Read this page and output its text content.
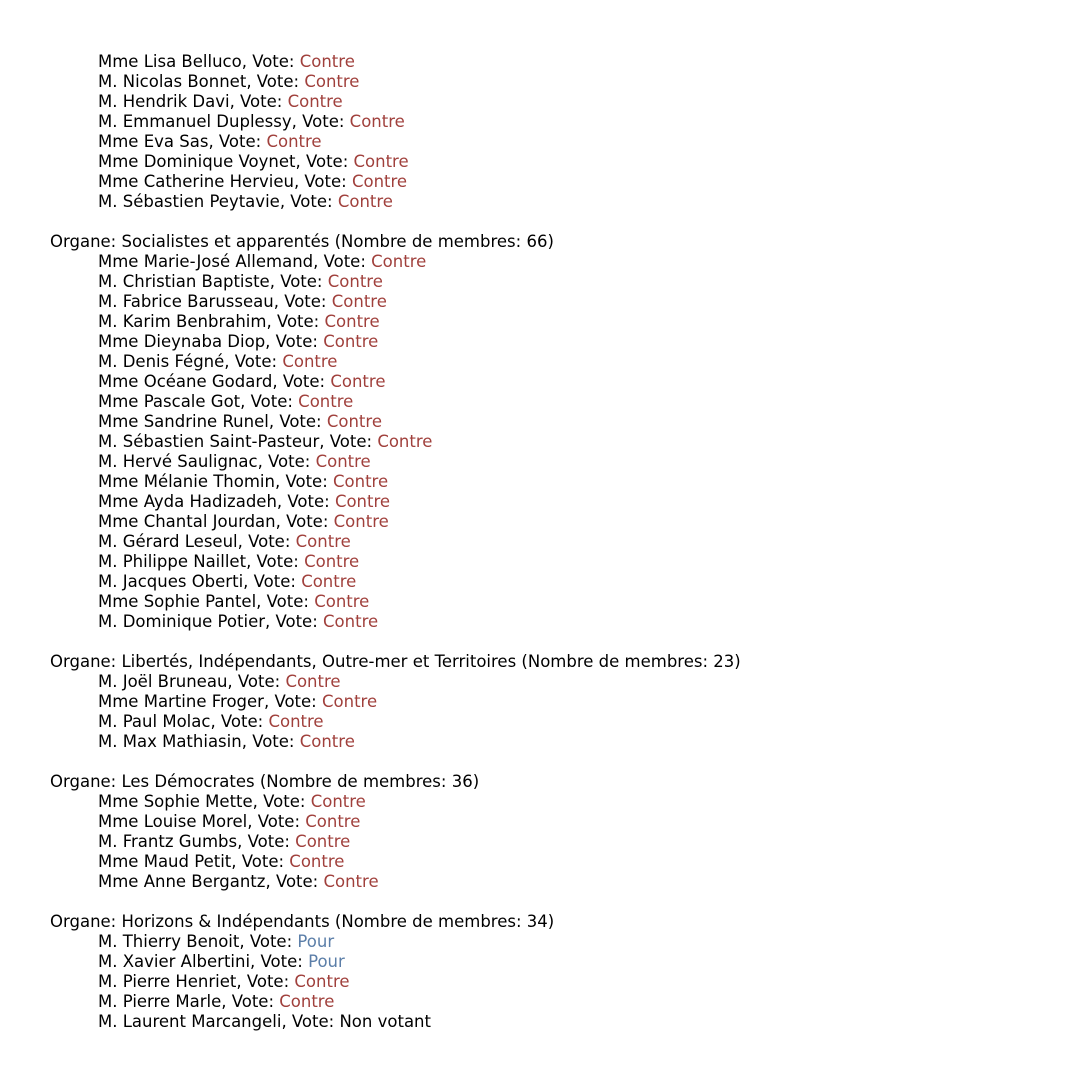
Mme Lisa Belluco, Vote: Contre
M. Nicolas Bonnet, Vote: Contre
M. Hendrik Davi, Vote: Contre
M. Emmanuel Duplessy, Vote: Contre
Mme Eva Sas, Vote: Contre
Mme Dominique Voynet, Vote: Contre
Mme Catherine Hervieu, Vote: Contre
M. Sébastien Peytavie, Vote: Contre
Organe: Socialistes et apparentés (Nombre de membres: 66)
Mme Marie-José Allemand, Vote: Contre
M. Christian Baptiste, Vote: Contre
M. Fabrice Barusseau, Vote: Contre
M. Karim Benbrahim, Vote: Contre
Mme Dieynaba Diop, Vote: Contre
M. Denis Fégné, Vote: Contre
Mme Océane Godard, Vote: Contre
Mme Pascale Got, Vote: Contre
Mme Sandrine Runel, Vote: Contre
M. Sébastien Saint-Pasteur, Vote: Contre
M. Hervé Saulignac, Vote: Contre
Mme Mélanie Thomin, Vote: Contre
Mme Ayda Hadizadeh, Vote: Contre
Mme Chantal Jourdan, Vote: Contre
M. Gérard Leseul, Vote: Contre
M. Philippe Naillet, Vote: Contre
M. Jacques Oberti, Vote: Contre
Mme Sophie Pantel, Vote: Contre
M. Dominique Potier, Vote: Contre
Organe: Libertés, Indépendants, Outre-mer et Territoires (Nombre de membres: 23)
M. Joël Bruneau, Vote: Contre
Mme Martine Froger, Vote: Contre
M. Paul Molac, Vote: Contre
M. Max Mathiasin, Vote: Contre
Organe: Les Démocrates (Nombre de membres: 36)
Mme Sophie Mette, Vote: Contre
Mme Louise Morel, Vote: Contre
M. Frantz Gumbs, Vote: Contre
Mme Maud Petit, Vote: Contre
Mme Anne Bergantz, Vote: Contre
Organe: Horizons & Indépendants (Nombre de membres: 34)
M. Thierry Benoit, Vote: Pour
M. Xavier Albertini, Vote: Pour
M. Pierre Henriet, Vote: Contre
M. Pierre Marle, Vote: Contre
M. Laurent Marcangeli, Vote: Non votant
